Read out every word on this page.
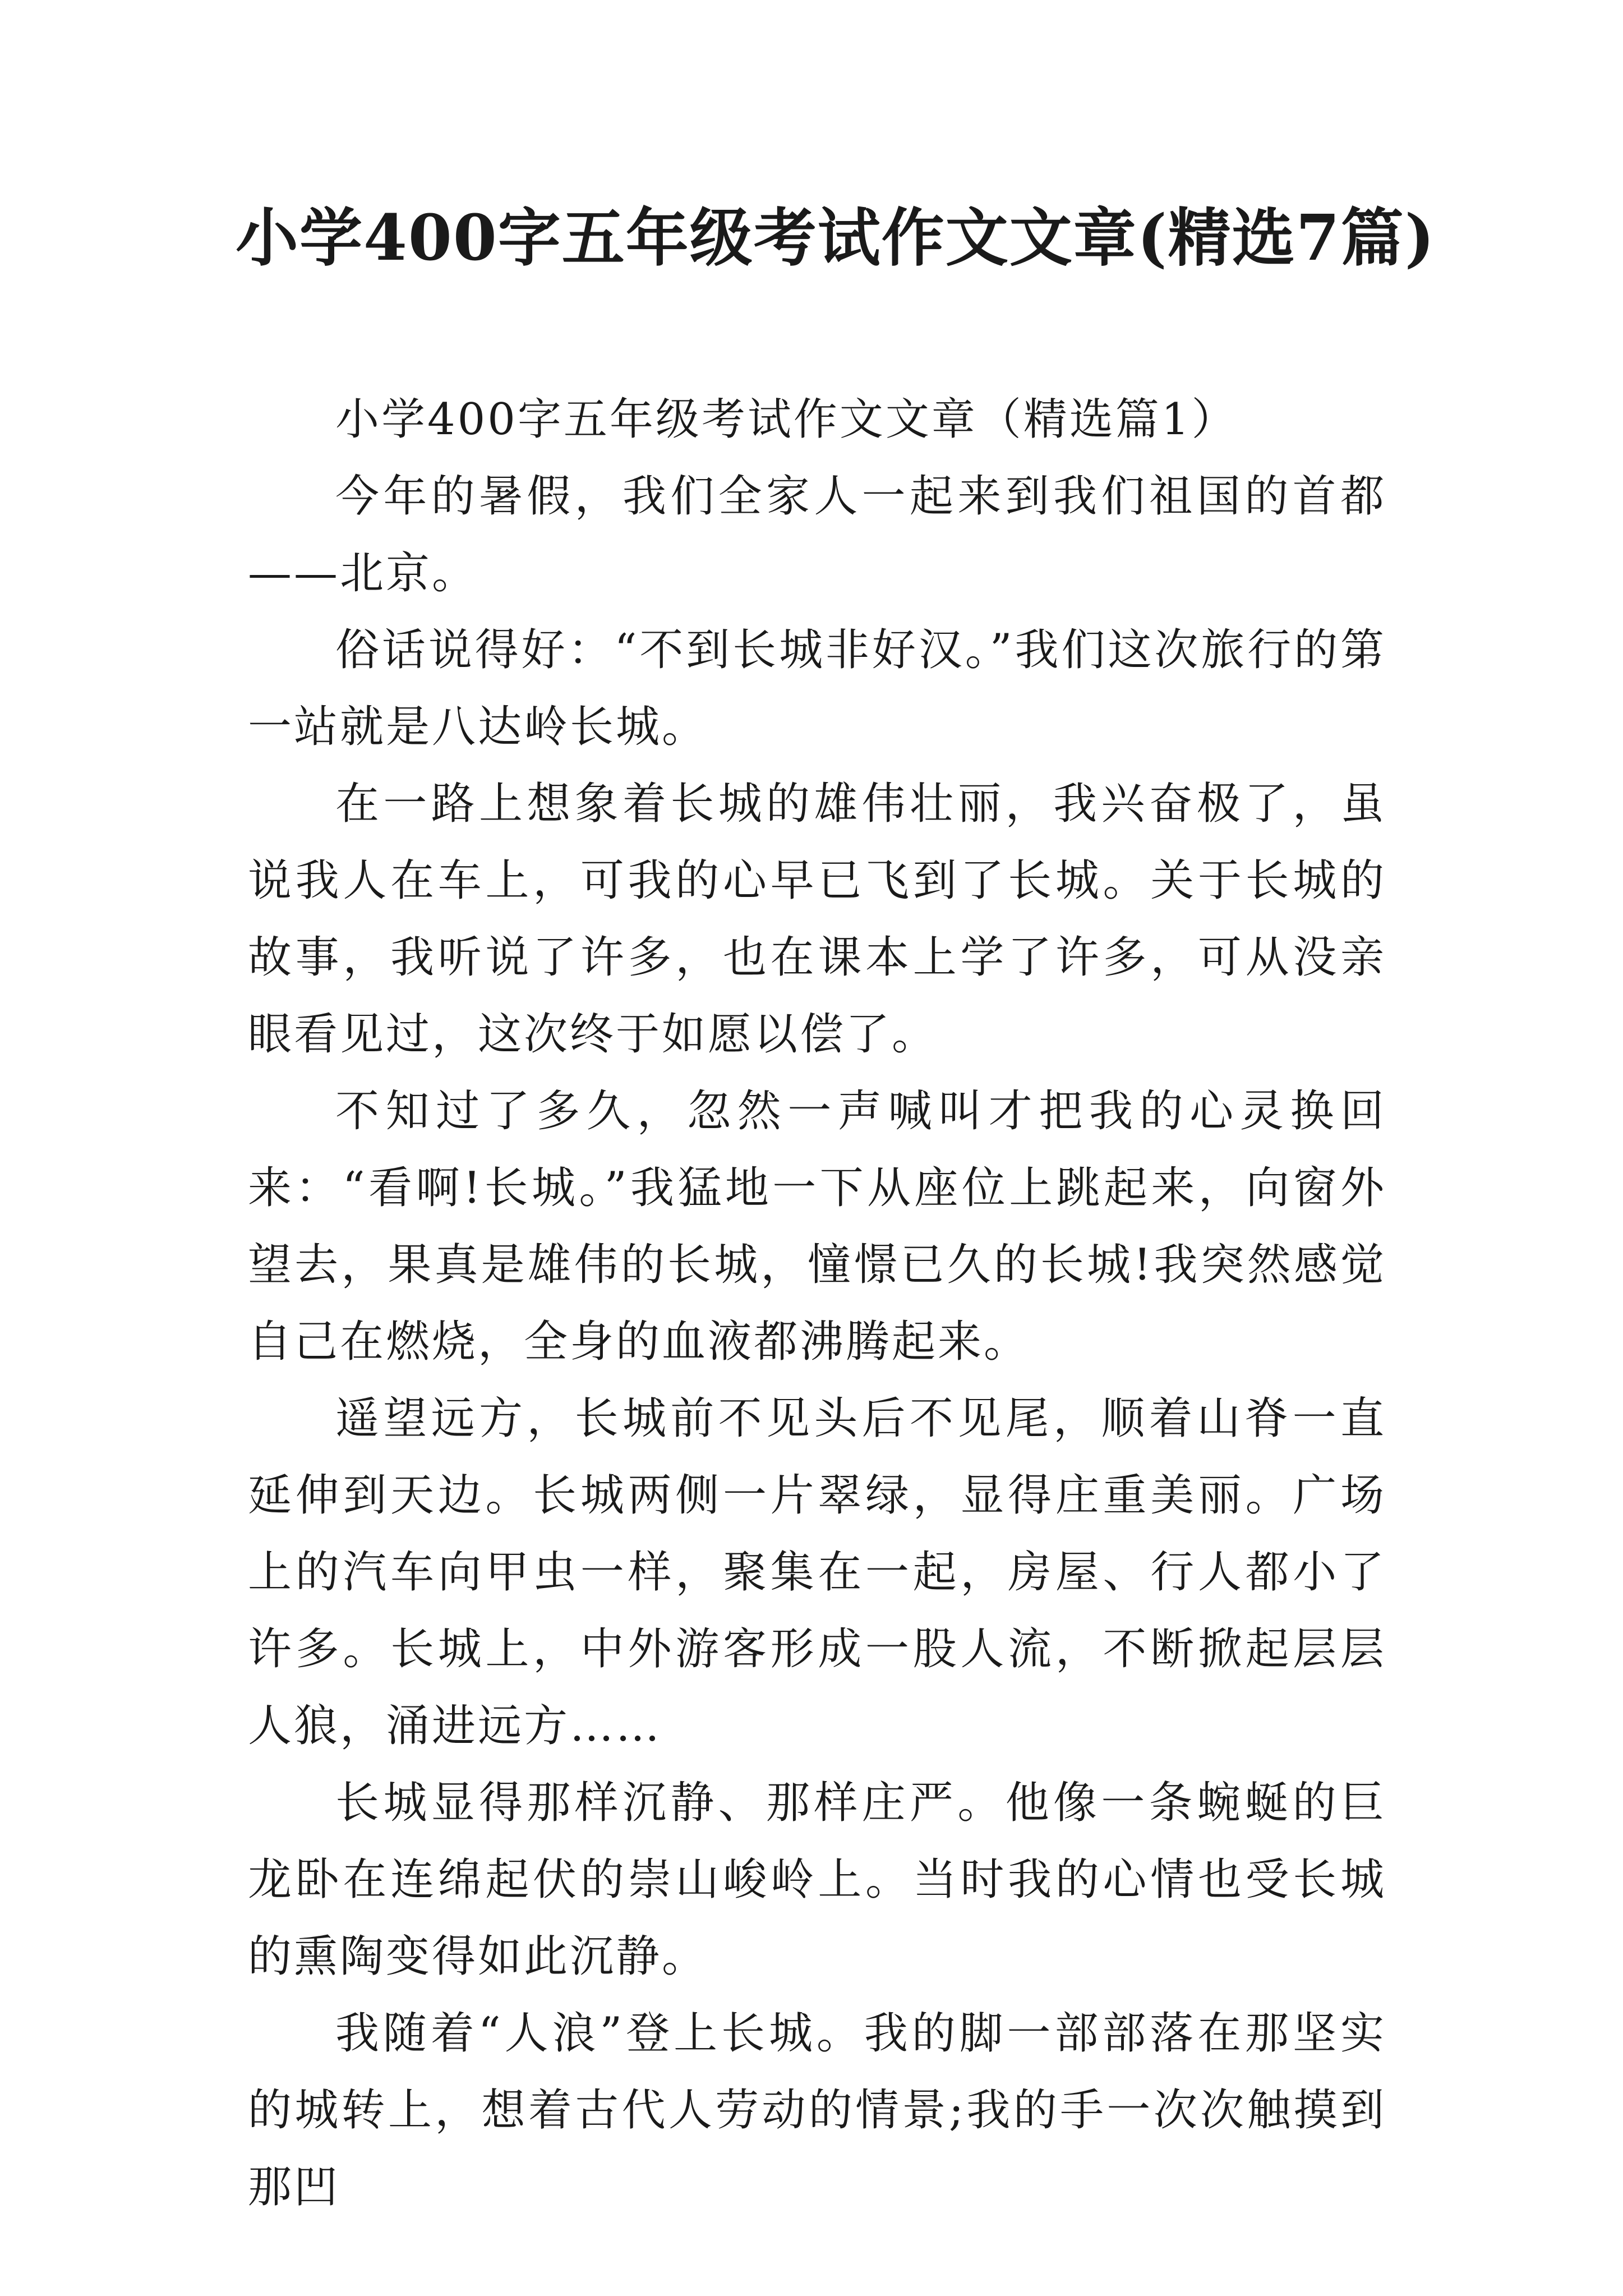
小学400字五年级考试作文文章(精选7篇)

小学400字五年级考试作文文章（精选篇1）

今年的暑假，我们全家人一起来到我们祖国的首都——北京。

俗话说得好：“不到长城非好汉。”我们这次旅行的第一站就是八达岭长城。

在一路上想象着长城的雄伟壮丽，我兴奋极了，虽说我人在车上，可我的心早已飞到了长城。关于长城的故事，我听说了许多，也在课本上学了许多，可从没亲眼看见过，这次终于如愿以偿了。

不知过了多久，忽然一声喊叫才把我的心灵换回来：“看啊!长城。”我猛地一下从座位上跳起来，向窗外望去，果真是雄伟的长城，憧憬已久的长城!我突然感觉自己在燃烧，全身的血液都沸腾起来。

遥望远方，长城前不见头后不见尾，顺着山脊一直延伸到天边。长城两侧一片翠绿，显得庄重美丽。广场上的汽车向甲虫一样，聚集在一起，房屋、行人都小了许多。长城上，中外游客形成一股人流，不断掀起层层人狼，涌进远方……

长城显得那样沉静、那样庄严。他像一条蜿蜒的巨龙卧在连绵起伏的崇山峻岭上。当时我的心情也受长城的熏陶变得如此沉静。

我随着“人浪”登上长城。我的脚一部部落在那坚实的城转上，想着古代人劳动的情景;我的手一次次触摸到那凹
